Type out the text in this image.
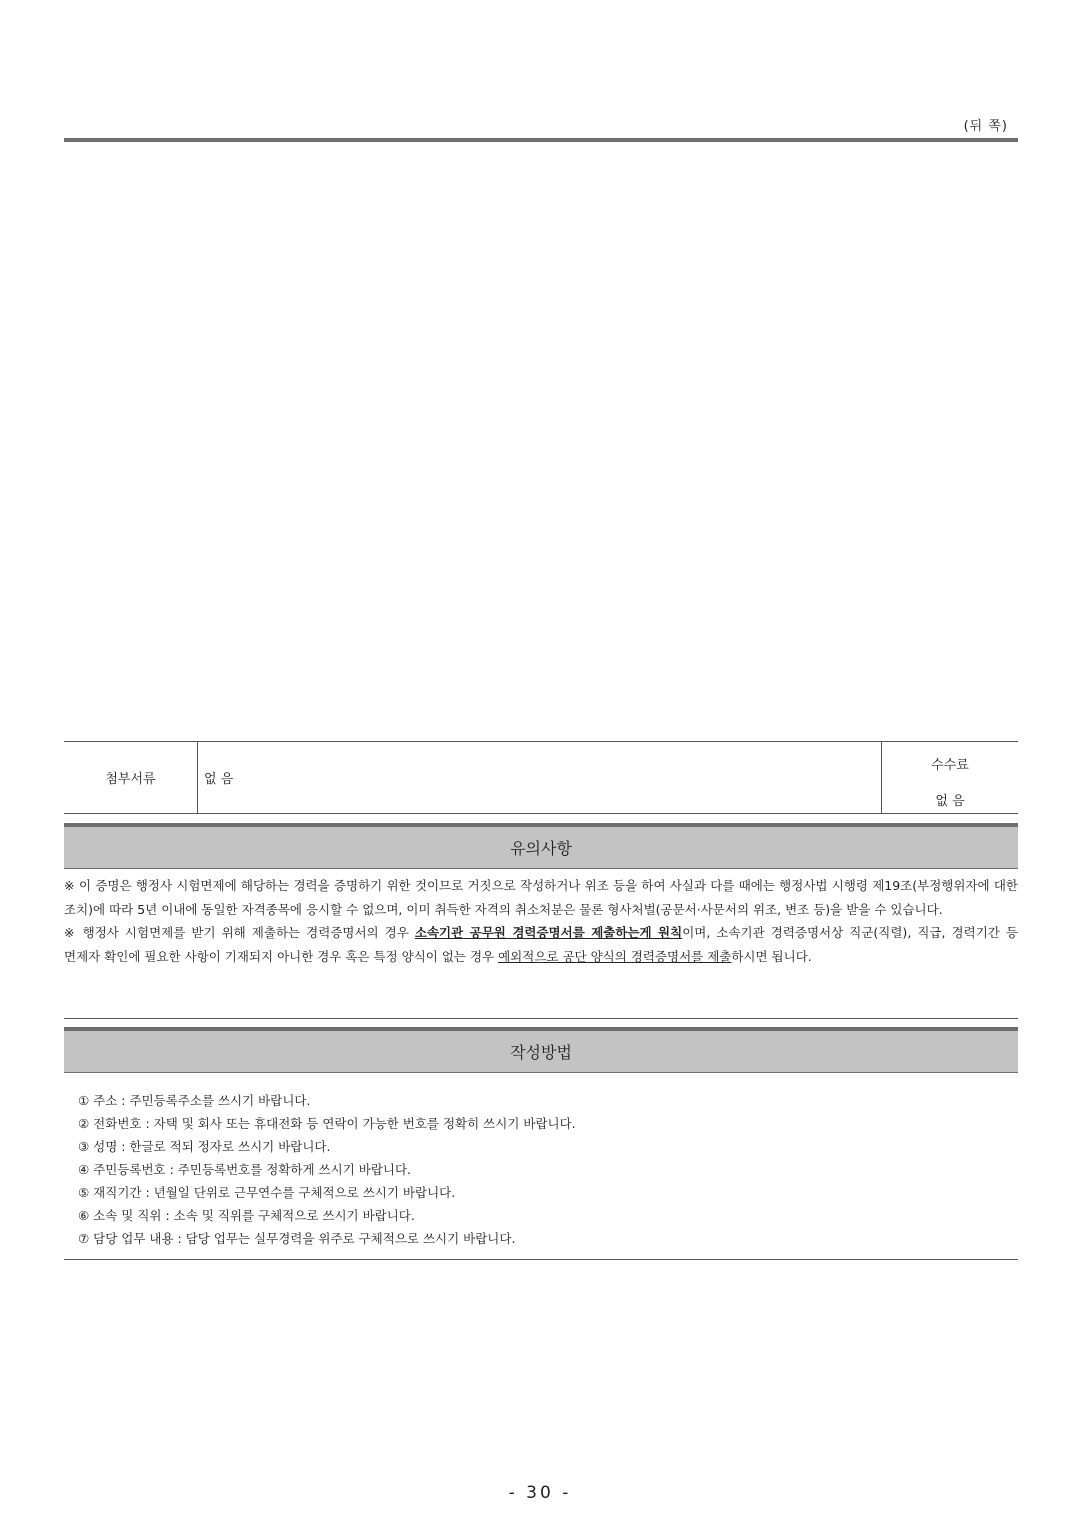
(뒤 쪽)
첨부서류	없 음
수수료
없 음
유의사항

※ 이 증명은 행정사 시험면제에 해당하는 경력을 증명하기 위한 것이므로 거짓으로 작성하거나 위조 등을 하여 사실과 다를 때에는 행정사법 시행령 제19조(부정행위자에 대한 조치)에 따라 5년 이내에 동일한 자격종목에 응시할 수 없으며, 이미 취득한 자격의 취소처분은 물론 형사처벌(공문서·사문서의 위조, 변조 등)을 받을 수 있습니다.

※ 행정사 시험면제를 받기 위해 제출하는 경력증명서의 경우 소속기관 공무원 경력증명서를 제출하는게 원칙이며, 소속기관 경력증명서상 직군(직렬), 직급, 경력기간 등 면제자 확인에 필요한 사항이 기재되지 아니한 경우 혹은 특정 양식이 없는 경우 예외적으로 공단 양식의 경력증명서를 제출하시면 됩니다.

작성방법
① 주소 : 주민등록주소를 쓰시기 바랍니다.
② 전화번호 : 자택 및 회사 또는 휴대전화 등 연락이 가능한 번호를 정확히 쓰시기 바랍니다.
③ 성명 : 한글로 적되 정자로 쓰시기 바랍니다.
④ 주민등록번호 : 주민등록번호를 정확하게 쓰시기 바랍니다.
⑤ 재직기간 : 년월일 단위로 근무연수를 구체적으로 쓰시기 바랍니다.
⑥ 소속 및 직위 : 소속 및 직위를 구체적으로 쓰시기 바랍니다.
⑦ 담당 업무 내용 : 담당 업무는 실무경력을 위주로 구체적으로 쓰시기 바랍니다.
- 30 -
